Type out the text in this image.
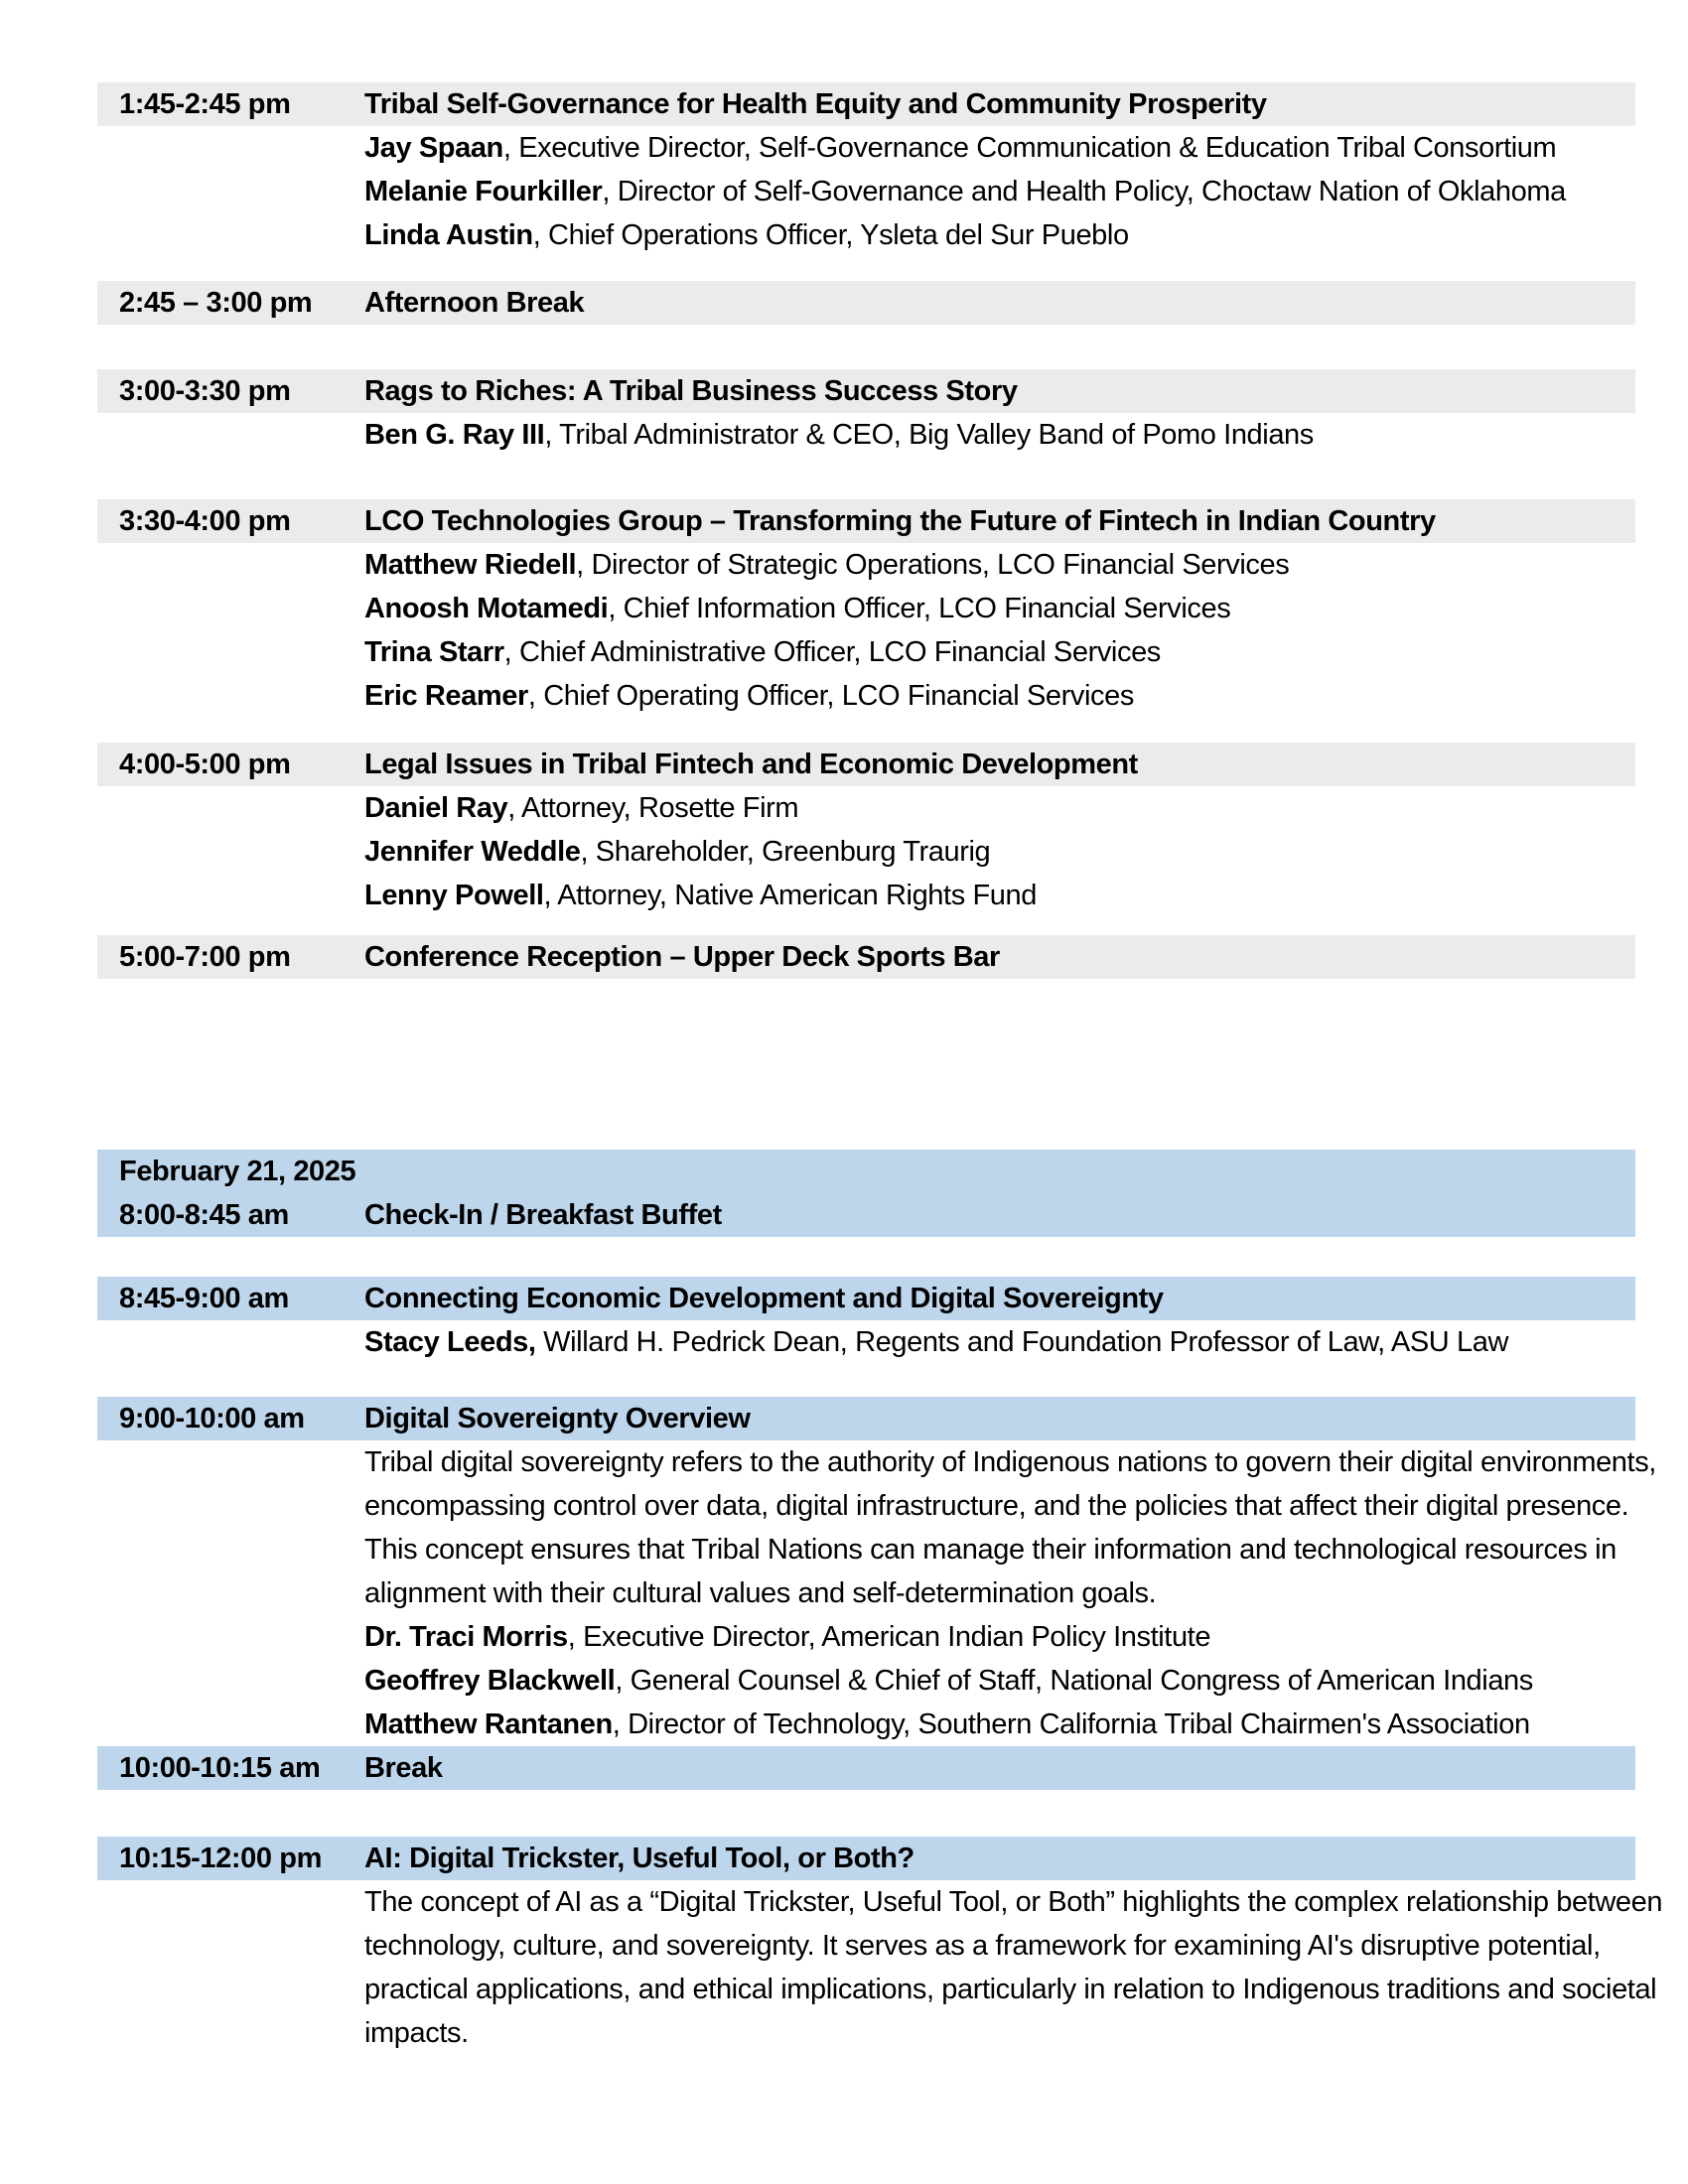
1:45-2:45 pm	Tribal Self-Governance for Health Equity and Community Prosperity
Jay Spaan, Executive Director, Self-Governance Communication & Education Tribal Consortium
Melanie Fourkiller, Director of Self-Governance and Health Policy, Choctaw Nation of Oklahoma
Linda Austin, Chief Operations Officer, Ysleta del Sur Pueblo
2:45 – 3:00 pm	Afternoon Break
3:00-3:30 pm	Rags to Riches: A Tribal Business Success Story
Ben G. Ray III, Tribal Administrator & CEO, Big Valley Band of Pomo Indians
3:30-4:00 pm	LCO Technologies Group – Transforming the Future of Fintech in Indian Country
Matthew Riedell, Director of Strategic Operations, LCO Financial Services
Anoosh Motamedi, Chief Information Officer, LCO Financial Services
Trina Starr, Chief Administrative Officer, LCO Financial Services
Eric Reamer, Chief Operating Officer, LCO Financial Services
4:00-5:00 pm	Legal Issues in Tribal Fintech and Economic Development
Daniel Ray, Attorney, Rosette Firm
Jennifer Weddle, Shareholder, Greenburg Traurig
Lenny Powell, Attorney, Native American Rights Fund
5:00-7:00 pm	Conference Reception – Upper Deck Sports Bar
February 21, 2025
8:00-8:45 am	Check-In / Breakfast Buffet
8:45-9:00 am	Connecting Economic Development and Digital Sovereignty
Stacy Leeds, Willard H. Pedrick Dean, Regents and Foundation Professor of Law, ASU Law
9:00-10:00 am	Digital Sovereignty Overview
Tribal digital sovereignty refers to the authority of Indigenous nations to govern their digital environments, encompassing control over data, digital infrastructure, and the policies that affect their digital presence. This concept ensures that Tribal Nations can manage their information and technological resources in alignment with their cultural values and self-determination goals.
Dr. Traci Morris, Executive Director, American Indian Policy Institute
Geoffrey Blackwell, General Counsel & Chief of Staff, National Congress of American Indians
Matthew Rantanen, Director of Technology, Southern California Tribal Chairmen's Association
10:00-10:15 am	Break
10:15-12:00 pm	AI: Digital Trickster, Useful Tool, or Both?
The concept of AI as a “Digital Trickster, Useful Tool, or Both” highlights the complex relationship between technology, culture, and sovereignty. It serves as a framework for examining AI's disruptive potential, practical applications, and ethical implications, particularly in relation to Indigenous traditions and societal impacts.
